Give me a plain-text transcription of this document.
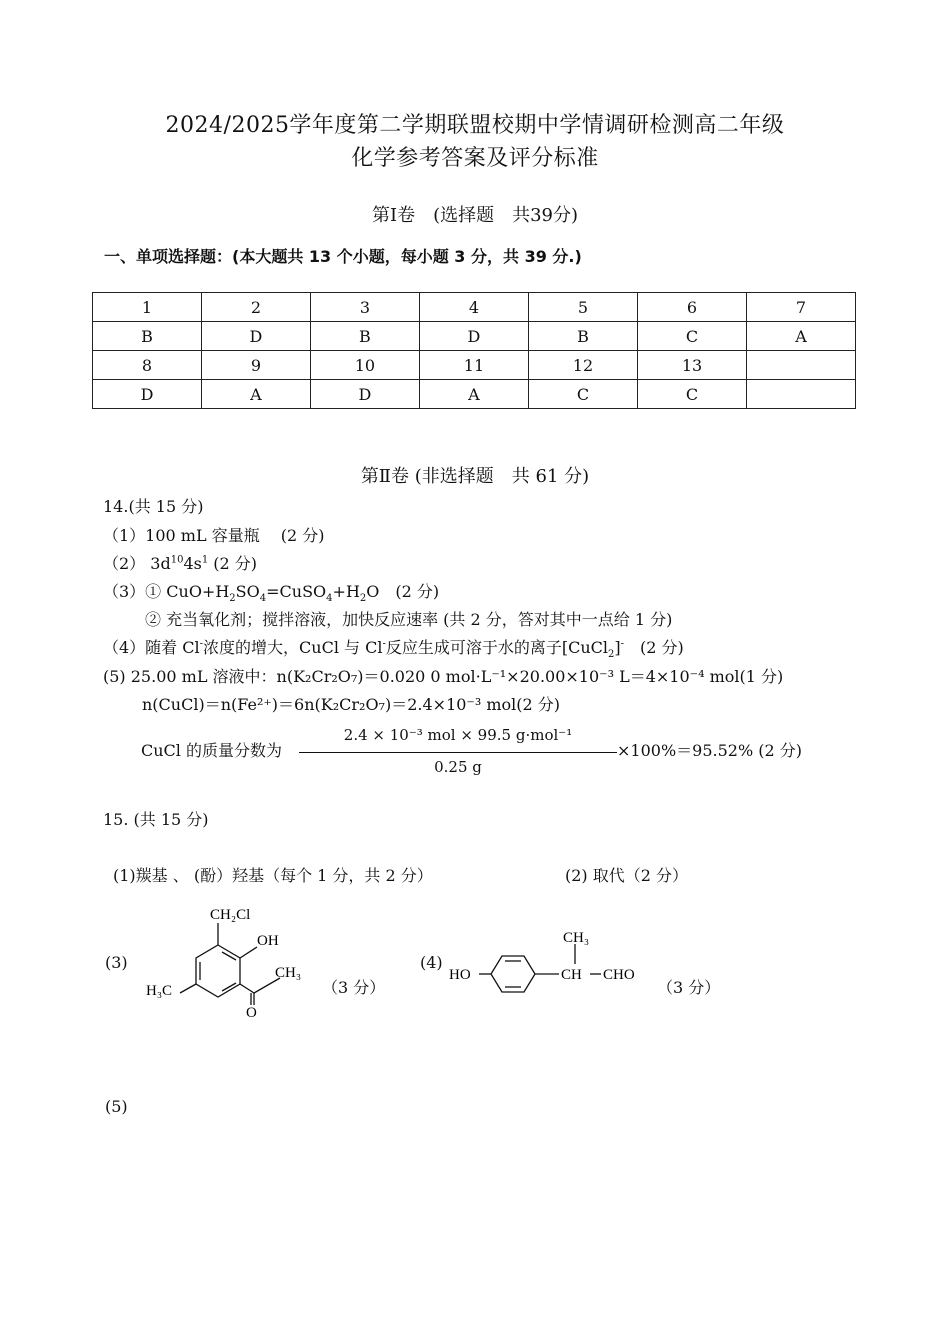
2024/2025学年度第二学期联盟校期中学情调研检测高二年级
化学参考答案及评分标准
第Ⅰ卷　(选择题　共39分)
一、单项选择题：(本大题共 13 个小题，每小题 3 分，共 39 分.)
1	2	3	4	5	6	7
B	D	B	D	B	C	A
8	9	10	11	12	13	
D	A	D	A	C	C	
第Ⅱ卷 (非选择题　共 61 分)
14.(共 15 分)
（1）100 mL 容量瓶　 (2 分)
（2） $3d^{10}4s^1$ (2 分)
（3）① $CuO+H_2SO_4=CuSO_4+H_2O$　(2 分)
② 充当氧化剂；搅拌溶液，加快反应速率 (共 2 分，答对其中一点给 1 分)
（4）随着 Cl-浓度的增大，CuCl 与 Cl-反应生成可溶于水的离子[CuCl$_2$]-　(2 分)
(5) 25.00 mL 溶液中：n(K₂Cr₂O₇)＝0.020 0 mol·L⁻¹×20.00×10⁻³ L＝4×10⁻⁴ mol(1 分)
n(CuCl)＝n(Fe²⁺)＝6n(K₂Cr₂O₇)＝2.4×10⁻³ mol(2 分)
CuCl 的质量分数为
2.4 × 10⁻³ mol × 99.5 g·mol⁻¹
0.25 g
×100%＝95.52% (2 分)
15. (共 15 分)
(1)羰基 、 (酚）羟基（每个 1 分，共 2 分）	(2) 取代（2 分）
(3)
CH₂Cl
OH
CH₃
H₃C
O
（3 分）
(4)
HO
CH₃
CH CHO
（3 分）
(5)
